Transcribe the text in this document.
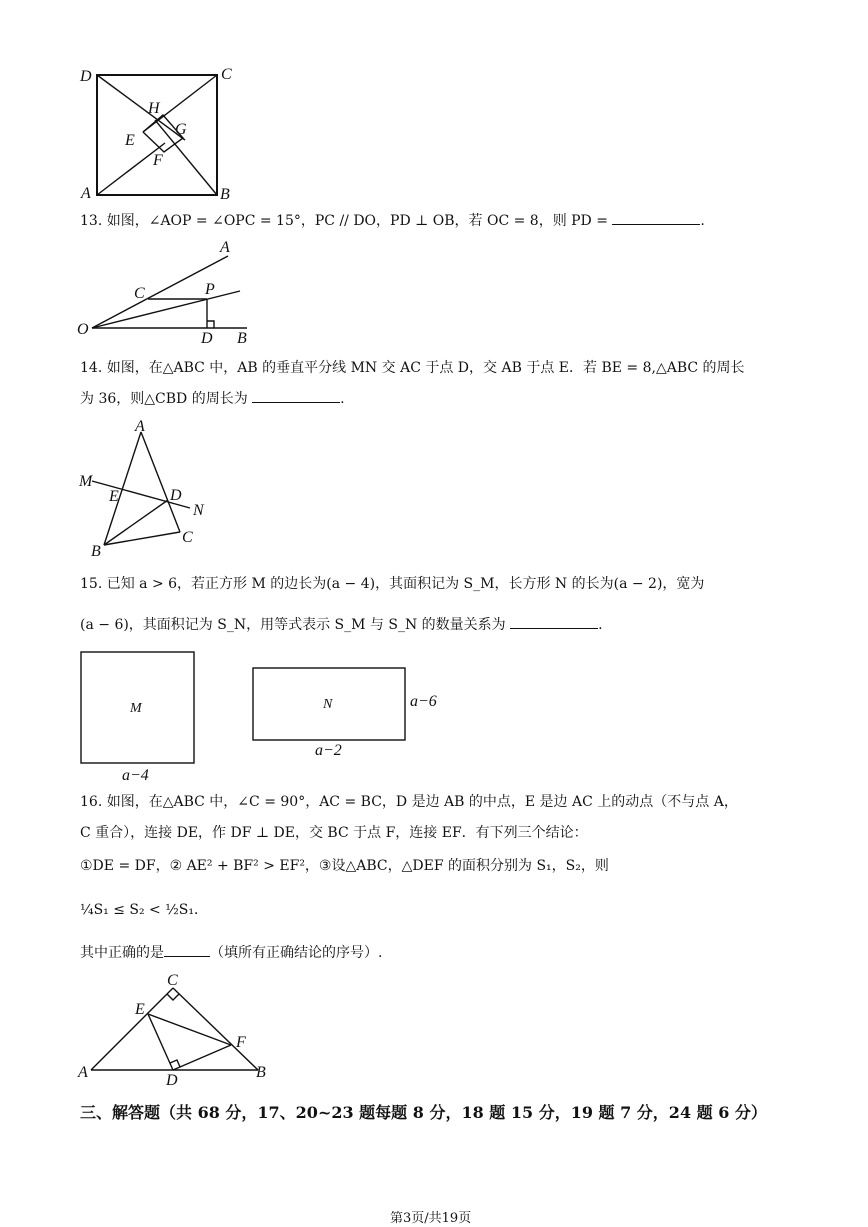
D	C
A	B
H
G
E
F
13. 如图，∠AOP = ∠OPC = 15°，PC // DO，PD ⊥ OB，若 OC = 8，则 PD =	.
A
C	P
O
D B
14. 如图，在△ABC 中，AB 的垂直平分线 MN 交 AC 于点 D，交 AB 于点 E．若 BE = 8,△ABC 的周长
为 36，则△CBD 的周长为	.
A
M
E	D
N
B
C
15. 已知 a > 6，若正方形 M 的边长为(a − 4)，其面积记为 S_M，长方形 N 的长为(a − 2)，宽为
(a − 6)，其面积记为 S_N，用等式表示 S_M 与 S_N 的数量关系为	.
M	N
a−4
a−2
a−6
16. 如图，在△ABC 中，∠C = 90°，AC = BC，D 是边 AB 的中点，E 是边 AC 上的动点（不与点 A，
C 重合），连接 DE，作 DF ⊥ DE，交 BC 于点 F，连接 EF．有下列三个结论：
①DE = DF，② AE² + BF² > EF²，③设△ABC，△DEF 的面积分别为 S₁，S₂，则
¼S₁ ≤ S₂ < ½S₁．
其中正确的是	（填所有正确结论的序号）.
C
E
F
A	D	B
三、解答题（共 68 分，17、20~23 题每题 8 分，18 题 15 分，19 题 7 分，24 题 6 分）
第3页/共19页
